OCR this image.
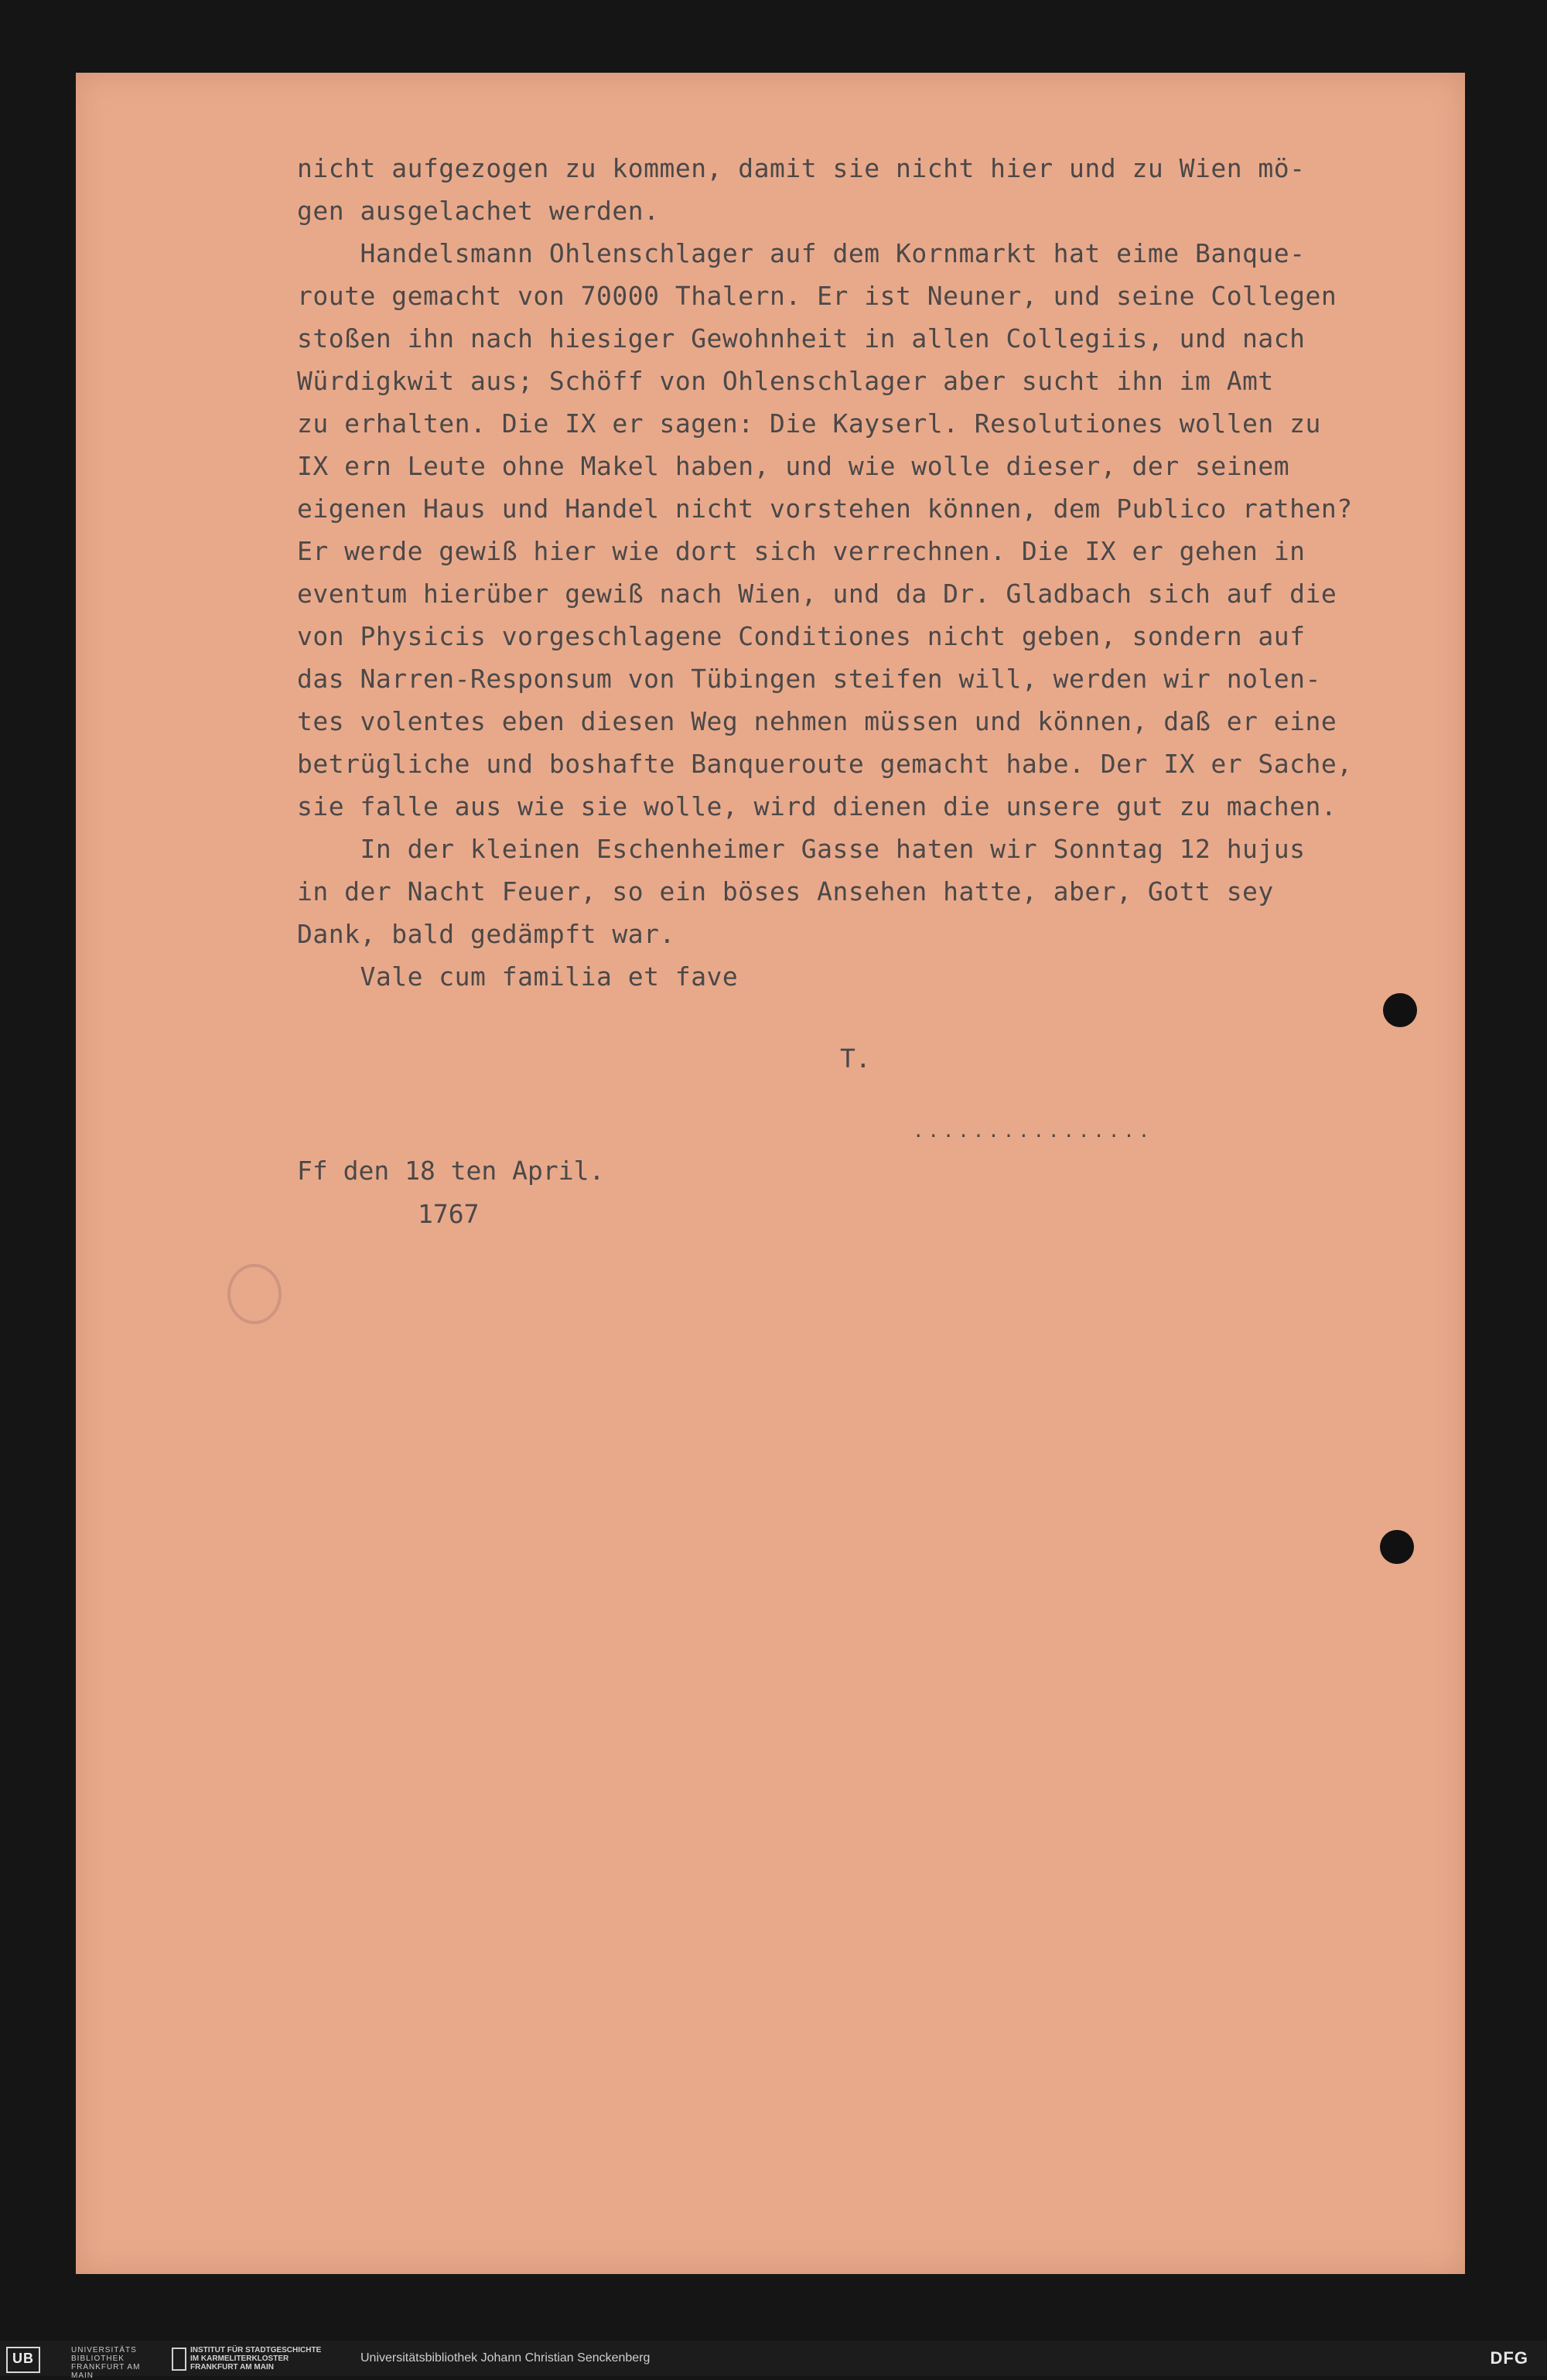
nicht aufgezogen zu kommen, damit sie nicht hier und zu Wien mö-
gen ausgelachet werden.
Handelsmann Ohlenschlager auf dem Kornmarkt hat eime Banque-
route gemacht von 70000 Thalern. Er ist Neuner, und seine Collegen
stoßen ihn nach hiesiger Gewohnheit in allen Collegiis, und nach
Würdigkwit aus; Schöff von Ohlenschlager aber sucht ihn im Amt
zu erhalten. Die IX er sagen: Die Kayserl. Resolutiones wollen zu
IX ern Leute ohne Makel haben, und wie wolle dieser, der seinem
eigenen Haus und Handel nicht vorstehen können, dem Publico rathen?
Er werde gewiß hier wie dort sich verrechnen. Die IX er gehen in
eventum hierüber gewiß nach Wien, und da Dr. Gladbach sich auf die
von Physicis vorgeschlagene Conditiones nicht geben, sondern auf
das Narren-Responsum von Tübingen steifen will, werden wir nolen-
tes volentes eben diesen Weg nehmen müssen und können, daß er eine
betrügliche und boshafte Banqueroute gemacht habe. Der IX er Sache,
sie falle aus wie sie wolle, wird dienen die unsere gut zu machen.
In der kleinen Eschenheimer Gasse haten wir Sonntag 12 hujus
in der Nacht Feuer, so ein böses Ansehen hatte, aber, Gott sey
Dank, bald gedämpft war.
Vale cum familia et fave
T.
................
Ff den 18 ten April.
1767
UB
UNIVERSITÄTS BIBLIOTHEK FRANKFURT AM MAIN
INSTITUT FÜR STADTGESCHICHTE IM KARMELITERKLOSTER FRANKFURT AM MAIN
Universitätsbibliothek Johann Christian Senckenberg	DFG
